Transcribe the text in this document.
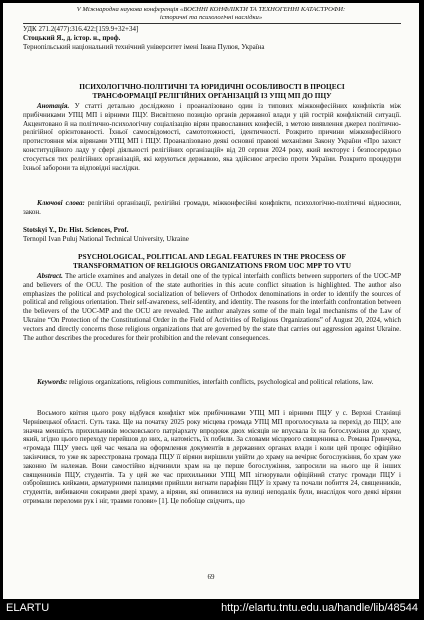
V Міжнародна наукова конференція «ВОЄННІ КОНФЛІКТИ ТА ТЕХНОГЕННІ КАТАСТРОФИ:
історичні та психологічні наслідки»
УДК 271.2(477):316.422:[159.9+32+34]
Стоцький Я., д. істор. н., проф.
Тернопільський національний технічний університет імені Івана Пулюя, Україна
ПСИХОЛОГІЧНО-ПОЛІТИЧНІ ТА ЮРИДИЧНІ ОСОБЛИВОСТІ В ПРОЦЕСІ
ТРАНСФОРМАЦІЇ РЕЛІГІЙНИХ ОРГАНІЗАЦІЙ ІЗ УПЦ МП ДО ПЦУ
Анотація. У статті детально досліджено і проаналізовано один із типових міжконфесійних конфліктів між прибічниками УПЦ МП і вірними ПЦУ. Висвітлено позицію органів державної влади у цій гострій конфліктній ситуації. Акцентовано й на політично-психологічну соціалізацію вірян православних конфесій, з метою виявлення джерел політично-релігійної орієнтованості. Їхньої самосвідомості, самототожності, ідентичності. Розкрито причини міжконфесійного протистояння між вірянами УПЦ МП і ПЦУ. Проаналізовано деякі основні правові механізми Закону України «Про захист конституційного ладу у сфері діяльності релігійних організацій» від 20 серпня 2024 року, який векторує і безпосередньо стосується тих релігійних організацій, які керуються державою, яка здійснює агресію проти України. Розкрито процедури їхньої заборони та відповідні наслідки.
Ключові слова: релігійні організації, релігійні громади, міжконфесійні конфлікти, психологічно-політичні відносини, закон.
Stotskyi Y., Dr. Hist. Sciences, Prof.
Ternopil Ivan Puluj National Technical University, Ukraine
PSYCHOLOGICAL, POLITICAL AND LEGAL FEATURES IN THE PROCESS OF
TRANSFORMATION OF RELIGIOUS ORGANIZATIONS FROM UOC MPP TO VTU
Abstract. The article examines and analyzes in detail one of the typical interfaith conflicts between supporters of the UOC-MP and believers of the OCU. The position of the state authorities in this acute conflict situation is highlighted. The author also emphasizes the political and psychological socialization of believers of Orthodox denominations in order to identify the sources of political and religious orientation. Their self-awareness, self-identity, and identity. The reasons for the interfaith confrontation between the believers of the UOC-MP and the OCU are revealed. The author analyzes some of the main legal mechanisms of the Law of Ukraine “On Protection of the Constitutional Order in the Field of Activities of Religious Organizations” of August 20, 2024, which vectors and directly concerns those religious organizations that are governed by the state that carries out aggression against Ukraine. The author describes the procedures for their prohibition and the relevant consequences.
Keywords: religious organizations, religious communities, interfaith conflicts, psychological and political relations, law.
Восьмого квітня цього року відбувся конфлікт між прибічниками УПЦ МП і вірними ПЦУ у с. Верхні Станівці Чернівецької області. Суть така. Ще на початку 2025 року місцева громада УПЦ МП проголосувала за перехід до ПЦУ, але значна меншість прихильників московського патріархату впродовж двох місяців не впускала їх на богослужіння до храму, який, згідно цього переходу перейшов до них, а, натомість, їх побили. За словами місцевого священника о. Романа Гринчука, «громада ПЦУ увесь цей час чекала на оформлення документів в державних органах влади і коли цей процес офіційно закінчився, то уже як зареєстрована громада ПЦУ її віряни вирішили увійти до храму на вечірнє богослужіння, бо храм уже законно їм належав. Вони самостійно відчинили храм на це перше богослужіння, запросили на нього ще й інших священників ПЦУ, студентів. Та у цей же час прихильники УПЦ МП зігнорували офіційний статус громади ПЦУ і озброївшись кийками, арматурними палицями прийшли вигнати парафіян ПЦУ із храму та почали побиття 24, священників, студентів, вибиваючи сокирами двері храму, а віряни, які опинилися на вулиці неподалік були, внаслідок чого деякі віряни отримали переломи рук і ніг, травми голови» [1]. Це побоїще свідчить, що
69
ELARTU	http://elartu.tntu.edu.ua/handle/lib/48544
